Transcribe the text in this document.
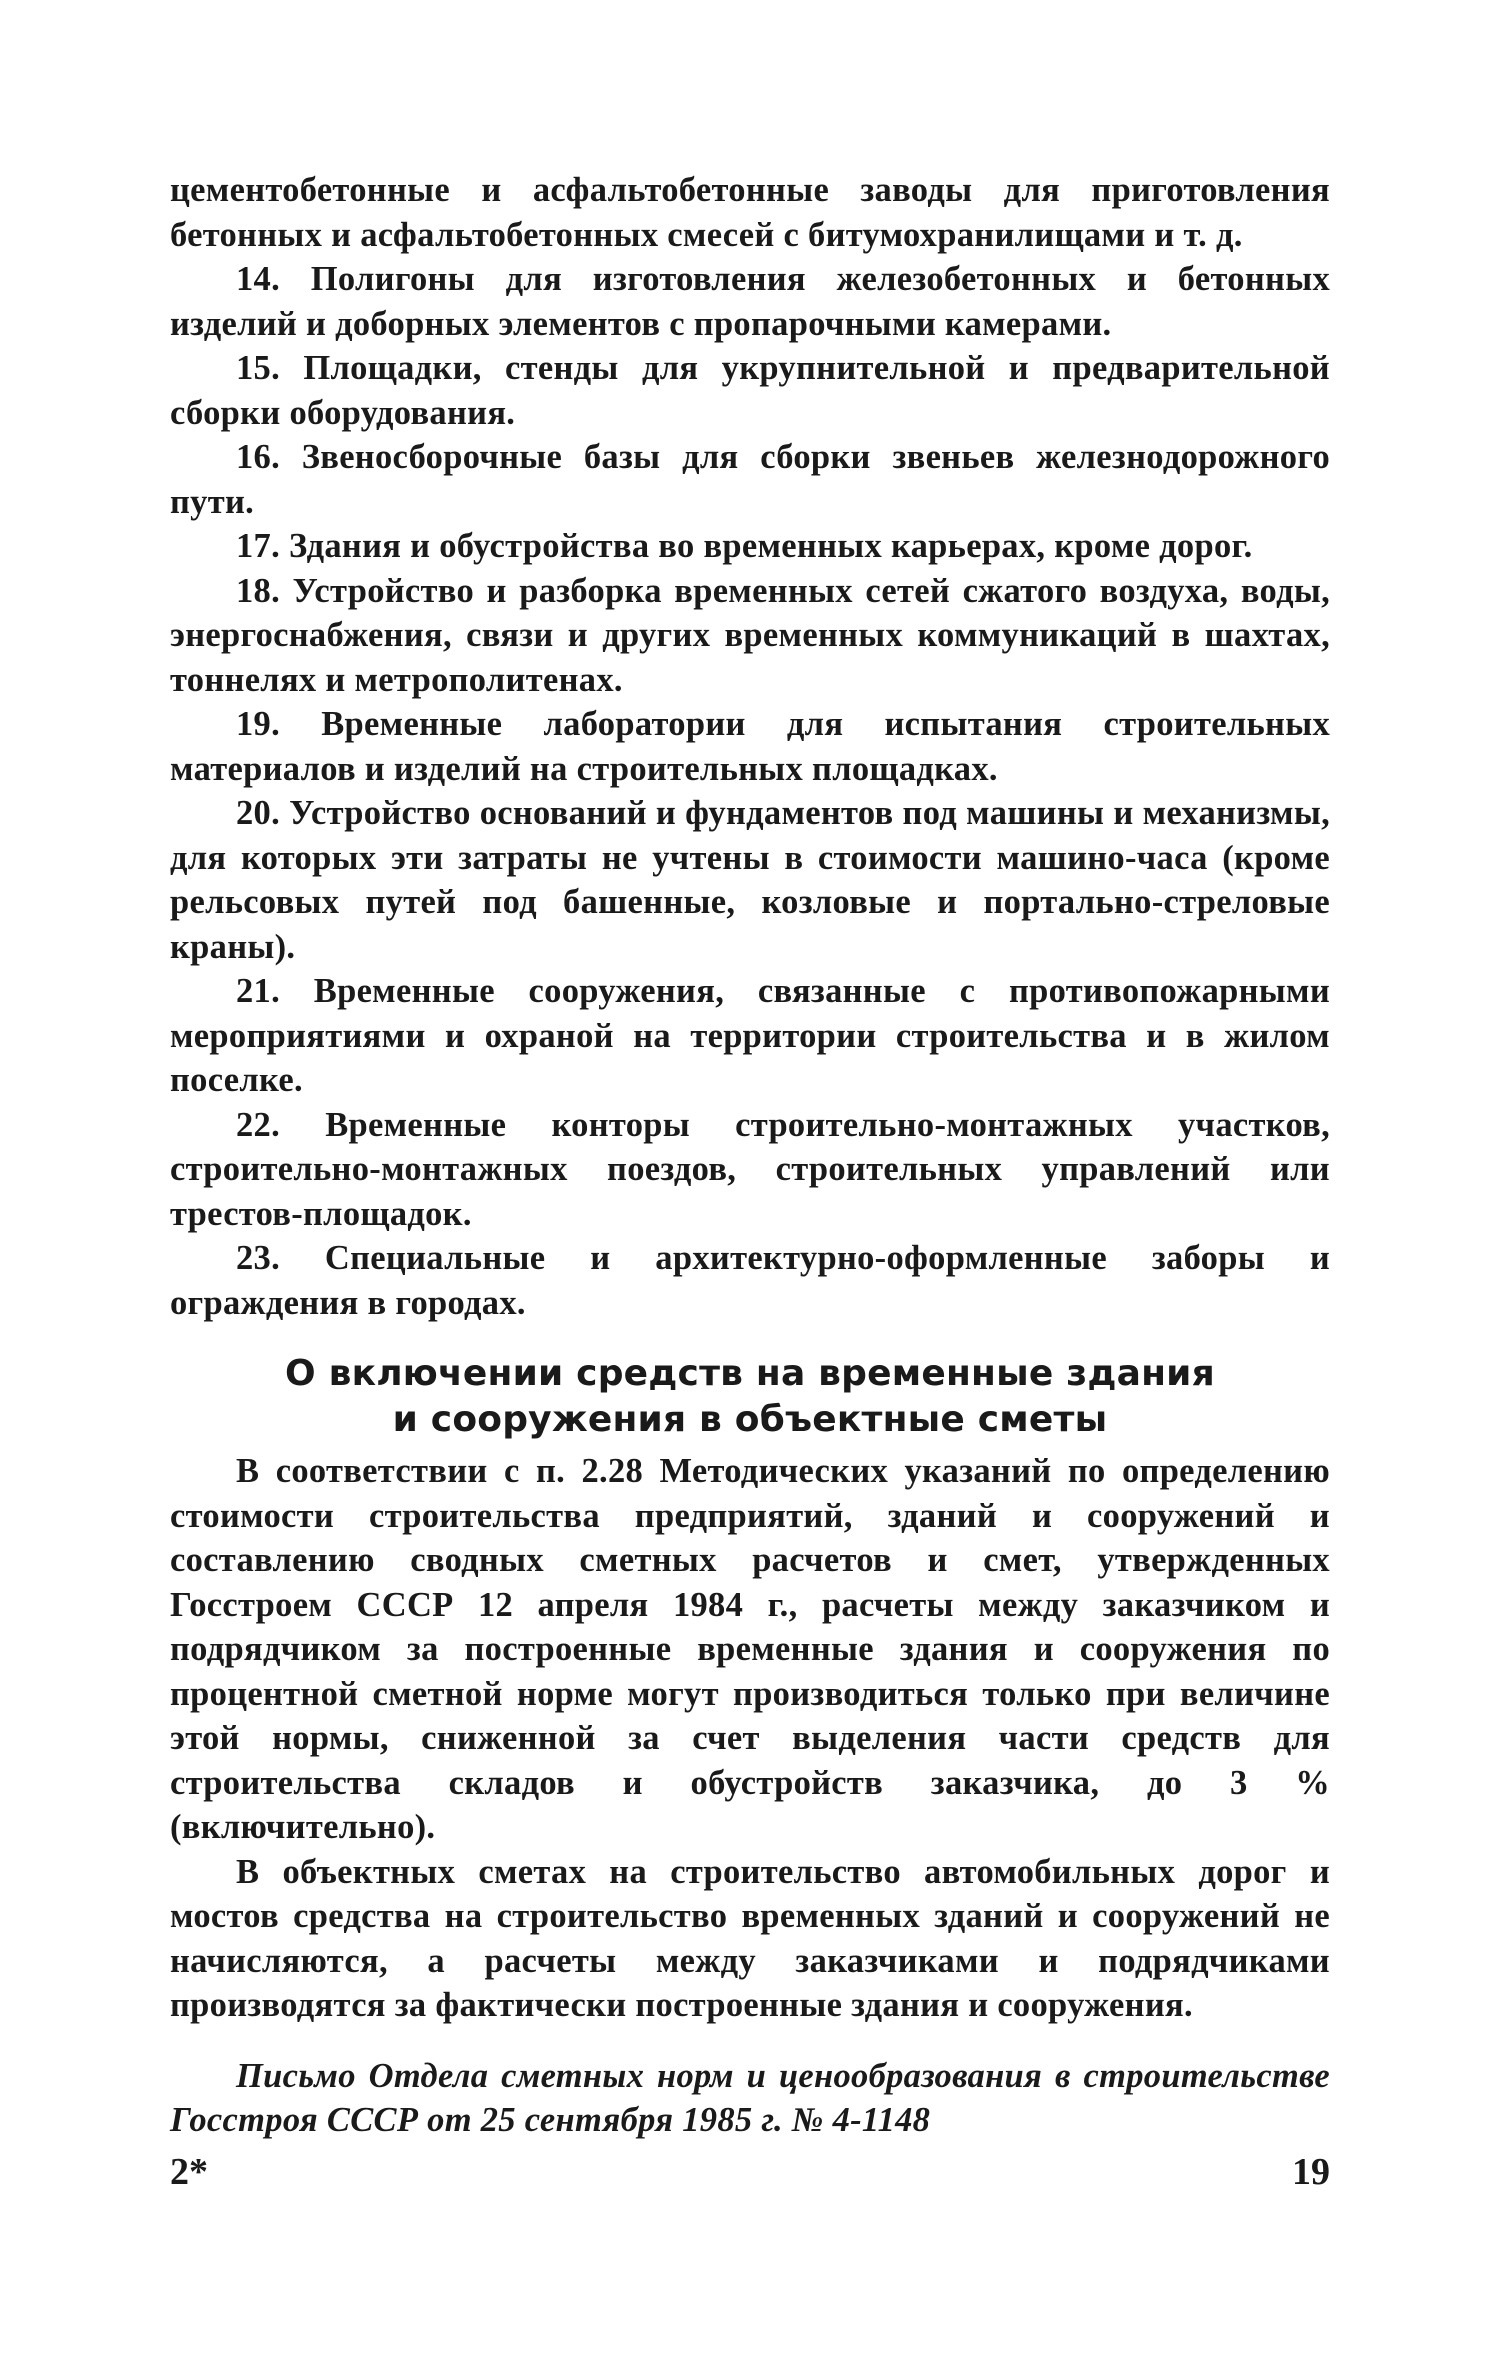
цементобетонные и асфальтобетонные заводы для приготовления бетонных и асфальтобетонных смесей с битумохранилищами и т. д.

14. Полигоны для изготовления железобетонных и бетонных изделий и доборных элементов с пропарочными камерами.

15. Площадки, стенды для укрупнительной и предварительной сборки оборудования.

16. Звеносборочные базы для сборки звеньев железнодорожного пути.

17. Здания и обустройства во временных карьерах, кроме дорог.

18. Устройство и разборка временных сетей сжатого воздуха, воды, энергоснабжения, связи и других временных коммуникаций в шахтах, тоннелях и метрополитенах.

19. Временные лаборатории для испытания строительных материалов и изделий на строительных площадках.

20. Устройство оснований и фундаментов под машины и механизмы, для которых эти затраты не учтены в стоимости машино-часа (кроме рельсовых путей под башенные, козловые и портально-стреловые краны).

21. Временные сооружения, связанные с противопожарными мероприятиями и охраной на территории строительства и в жилом поселке.

22. Временные конторы строительно-монтажных участков, строительно-монтажных поездов, строительных управлений или трестов-площадок.

23. Специальные и архитектурно-оформленные заборы и ограждения в городах.

О включении средств на временные здания
и сооружения в объектные сметы

В соответствии с п. 2.28 Методических указаний по определению стоимости строительства предприятий, зданий и сооружений и составлению сводных сметных расчетов и смет, утвержденных Госстроем СССР 12 апреля 1984 г., расчеты между заказчиком и подрядчиком за построенные временные здания и сооружения по процентной сметной норме могут производиться только при величине этой нормы, сниженной за счет выделения части средств для строительства складов и обустройств заказчика, до 3 % (включительно).

В объектных сметах на строительство автомобильных дорог и мостов средства на строительство временных зданий и сооружений не начисляются, а расчеты между заказчиками и подрядчиками производятся за фактически построенные здания и сооружения.

Письмо Отдела сметных норм и ценообразования в строительстве Госстроя СССР от 25 сентября 1985 г. № 4-1148

2*	19
